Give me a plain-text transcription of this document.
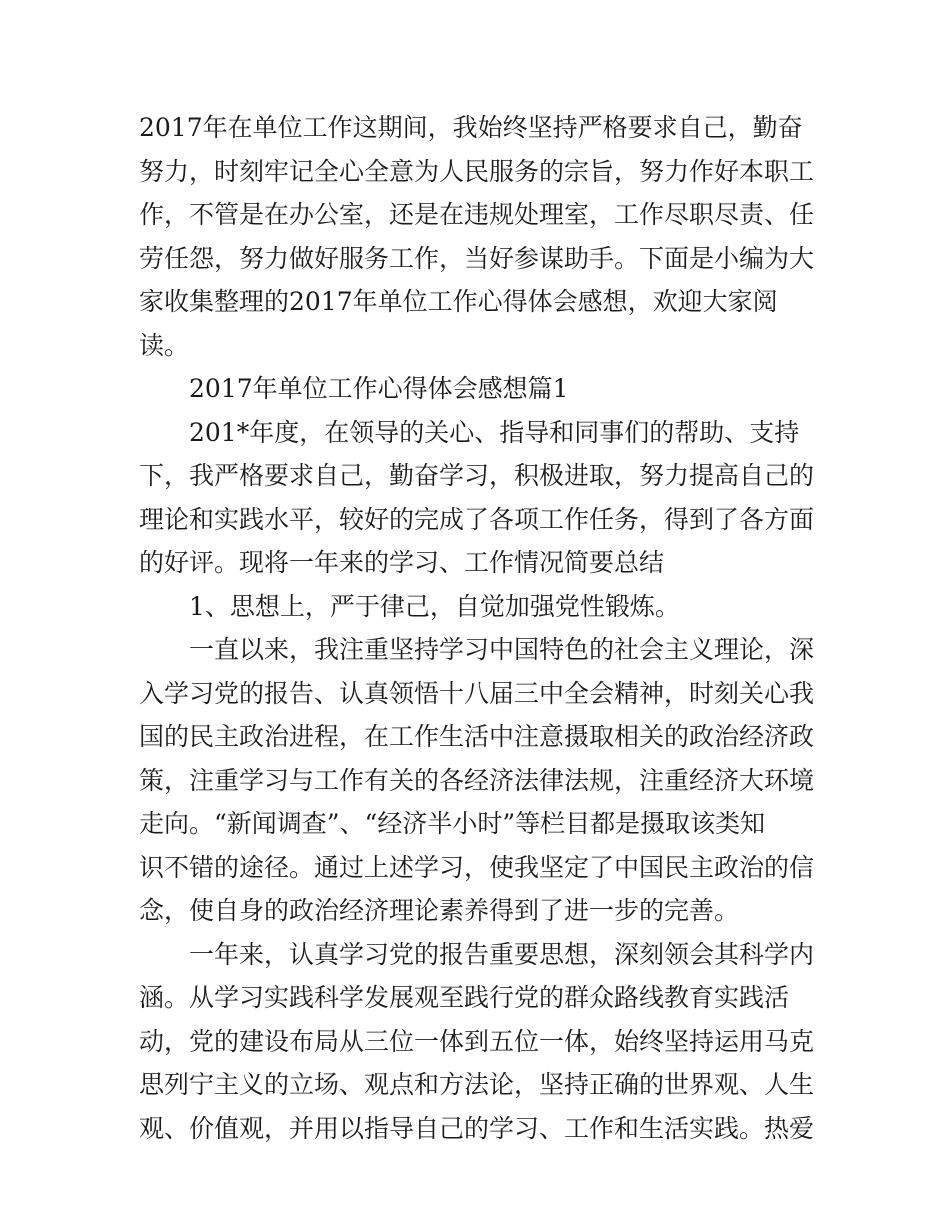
2017年在单位工作这期间，我始终坚持严格要求自己，勤奋
努力，时刻牢记全心全意为人民服务的宗旨，努力作好本职工
作，不管是在办公室，还是在违规处理室，工作尽职尽责、任
劳任怨，努力做好服务工作，当好参谋助手。下面是小编为大
家收集整理的2017年单位工作心得体会感想，欢迎大家阅
读。
2017年单位工作心得体会感想篇1
201*年度，在领导的关心、指导和同事们的帮助、支持
下，我严格要求自己，勤奋学习，积极进取，努力提高自己的
理论和实践水平，较好的完成了各项工作任务，得到了各方面
的好评。现将一年来的学习、工作情况简要总结
1、思想上，严于律己，自觉加强党性锻炼。
一直以来，我注重坚持学习中国特色的社会主义理论，深
入学习党的报告、认真领悟十八届三中全会精神，时刻关心我
国的民主政治进程，在工作生活中注意摄取相关的政治经济政
策，注重学习与工作有关的各经济法律法规，注重经济大环境
走向。“新闻调查”、“经济半小时”等栏目都是摄取该类知
识不错的途径。通过上述学习，使我坚定了中国民主政治的信
念，使自身的政治经济理论素养得到了进一步的完善。
一年来，认真学习党的报告重要思想，深刻领会其科学内
涵。从学习实践科学发展观至践行党的群众路线教育实践活
动，党的建设布局从三位一体到五位一体，始终坚持运用马克
思列宁主义的立场、观点和方法论，坚持正确的世界观、人生
观、价值观，并用以指导自己的学习、工作和生活实践。热爱
